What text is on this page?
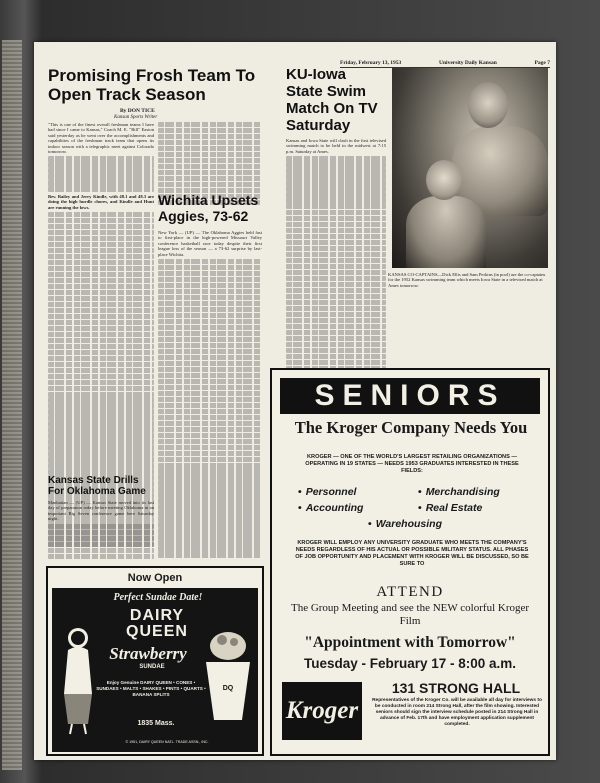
Friday, February 13, 1953	University Daily Kansan	Page 7
Promising Frosh Team To Open Track Season
By DON TICE
Kansan Sports Writer
"This is one of the finest overall freshman teams I have had since I came to Kansas," Coach M. E. "Bill" Easton said yesterday as he went over the accomplishments and capabilities of the freshman track team that opens its indoor season with a telegraphic meet against Colorado tomorrow.
Bev. Bailey and Jerry Kindle, with 48.1 and 48.3 are doing the high hurdle chores, and Kindle and Hunt are running the lows.
Kansas State Drills For Oklahoma Game
Manhattan — (UP) — Kansas State moved into its last day of preparation today before meeting Oklahoma in an important Big Seven conference game here Saturday night.
Wichita Upsets Aggies, 73-62
New York — (UP) — The Oklahoma Aggies held fast to first-place in the high-powered Missouri Valley conference basketball race today despite their first league loss of the season — a 73-62 surprise by last-place Wichita.
KU-Iowa State Swim Match On TV Saturday
Kansas and Iowa State will clash in the first televised swimming match to be held in the midwest at 7:15 p.m. Saturday at Ames.
KANSAS CO-CAPTAINS—Dick Ellis and Sam Perkins (in pool) are the co-captains for the 1952 Kansas swimming team which meets Iowa State in a televised match at Ames tomorrow.
SENIORS
The Kroger Company Needs You
KROGER — ONE OF THE WORLD'S LARGEST RETAILING ORGANIZATIONS — OPERATING IN 19 STATES — NEEDS 1953 GRADUATES INTERESTED IN THESE FIELDS:
• Personnel	• Merchandising
• Accounting	• Real Estate
• Warehousing
KROGER WILL EMPLOY ANY UNIVERSITY GRADUATE WHO MEETS THE COMPANY'S NEEDS REGARDLESS OF HIS ACTUAL OR POSSIBLE MILITARY STATUS. ALL PHASES OF JOB OPPORTUNITY AND PLACEMENT WITH KROGER WILL BE DISCUSSED, SO BE SURE TO
ATTEND
The Group Meeting and see the NEW colorful Kroger Film
"Appointment with Tomorrow"
Tuesday - February 17 - 8:00 a.m.
Kroger
131 STRONG HALL
Representatives of the Kroger Co. will be available all day for interviews to be conducted in room 214 Strong Hall, after the film showing. Interested seniors should sign the interview schedule posted in 214 Strong Hall in advance of Feb. 17th and have employment application supplement completed.
Now Open
Perfect Sundae Date!
DAIRY QUEEN
Strawberry
SUNDAE
Enjoy Genuine DAIRY QUEEN • CONES • SUNDAES • MALTS • SHAKES • PINTS • QUARTS • BANANA SPLITS
1835 Mass.
DQ
© 1951, DAIRY QUEEN NATL. TRADE ASSN., INC.
